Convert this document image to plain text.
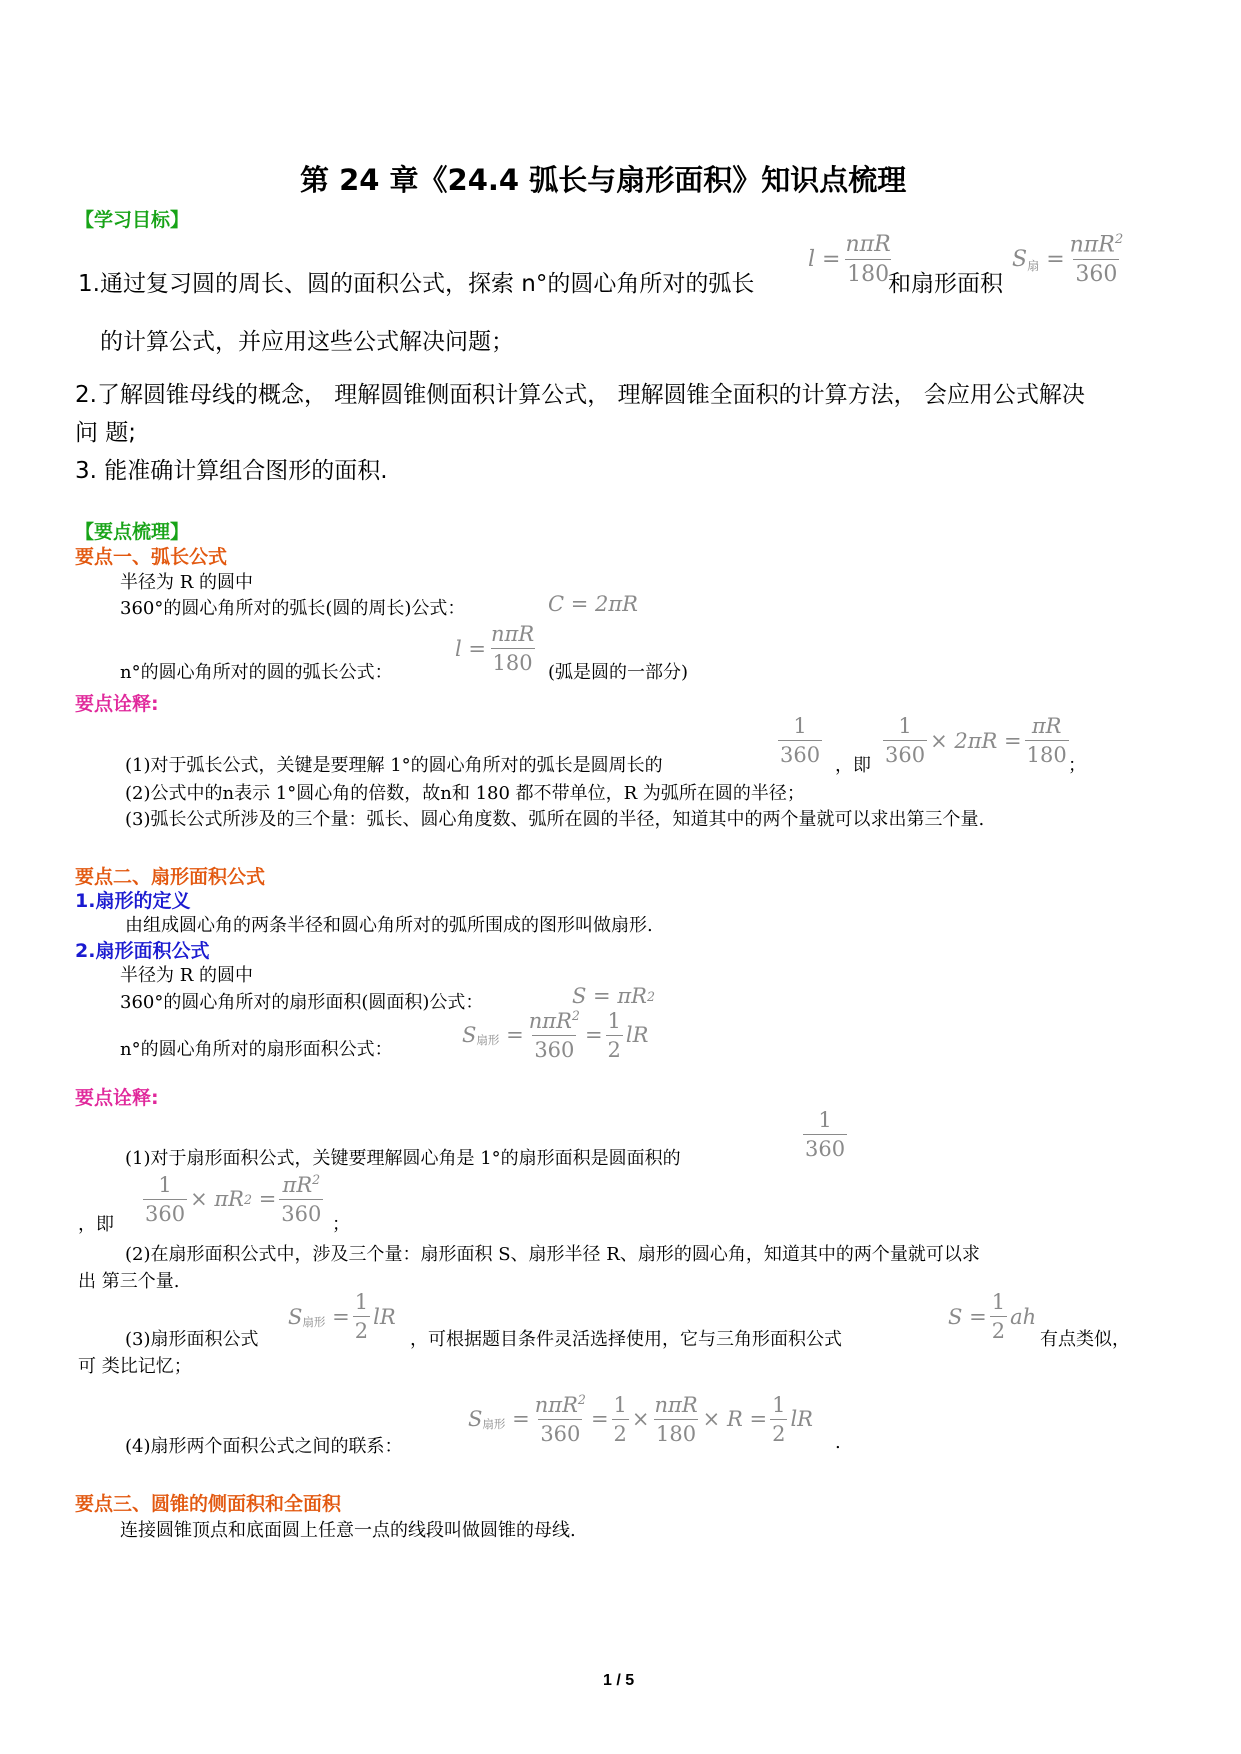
第 24 章《24.4 弧长与扇形面积》知识点梳理
【学习目标】
1.通过复习圆的周长、圆的面积公式，探索 n°的圆心角所对的弧长
l
= $\frac{\text{nπR}}{180}$
和扇形面积
S 扇
= $\frac{n\pi R^2}{360}$
的计算公式，并应用这些公式解决问题；
2.了解圆锥母线的概念， 理解圆锥侧面积计算公式， 理解圆锥全面积的计算方法， 会应用公式解决
问 题;
3. 能准确计算组合图形的面积.
【要点梳理】
要点一、弧长公式
半径为 R 的圆中
360°的圆心角所对的弧长(圆的周长)公式：	C = 2πR
n°的圆心角所对的圆的弧长公式：
l
= $\frac{\text{nπR}}{180}$ (弧是圆的一部分)
要点诠释:
(1)对于弧长公式，关键是要理解 1°的圆心角所对的弧长是圆周长的	$\frac{1}{360}$ ，即 $\frac{1}{360} \times 2\pi R$
= $\frac{\pi R}{180}$ ；
(2)公式中的n表示 1°圆心角的倍数，故n和 180 都不带单位，R 为弧所在圆的半径；
(3)弧长公式所涉及的三个量：弧长、圆心角度数、弧所在圆的半径，知道其中的两个量就可以求出第三个量.
要点二、扇形面积公式
1.扇形的定义
由组成圆心角的两条半径和圆心角所对的弧所围成的图形叫做扇形.
2.扇形面积公式
半径为 R 的圆中
360°的圆心角所对的扇形面积(圆面积)公式：	S = πR 2
n°的圆心角所对的扇形面积公式：
S 扇形
= $\frac{n\pi R^2}{360} = \frac{1}{2}$ lR
要点诠释:
(1)对于扇形面积公式，关键要理解圆心角是 1°的扇形面积是圆面积的	$\frac{1}{360}$
，即 $\frac{1}{360} \times \pi R$ 2
= $\frac{\pi R^2}{360}$ ；
(2)在扇形面积公式中，涉及三个量：扇形面积 S、扇形半径 R、扇形的圆心角，知道其中的两个量就可以求
出 第三个量.
(3)扇形面积公式
S 扇形
= $\frac{1}{2}$ lR
，可根据题目条件灵活选择使用，它与三角形面积公式
S
= $\frac{1}{2}$ ah
有点类似，
可 类比记忆；
(4)扇形两个面积公式之间的联系：
S 扇形
= $\frac{n\pi R^2}{360} = \frac{1}{2} \times \frac{\text{nπR}}{180} \times R$
= $\frac{1}{2}$ lR
.
要点三、圆锥的侧面积和全面积
连接圆锥顶点和底面圆上任意一点的线段叫做圆锥的母线.
1 / 5
